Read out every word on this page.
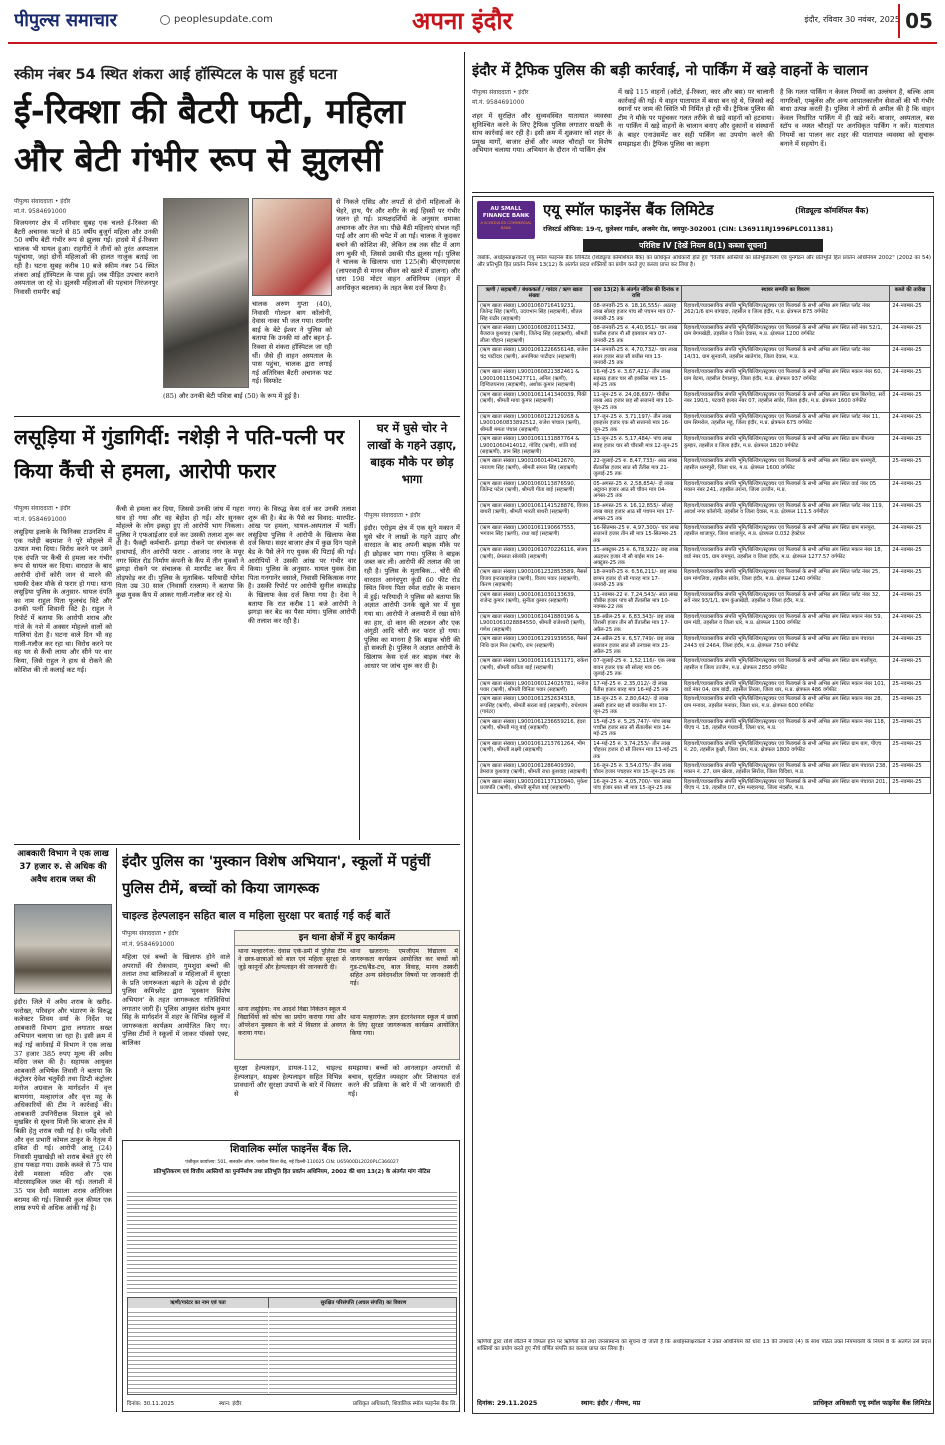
पीपुल्स समाचार	peoplesupdate.com	अपना इंदौर	इंदौर, रविवार 30 नवंबर, 2025 05
स्कीम नंबर 54 स्थित शंकरा आई हॉस्पिटल के पास हुई घटना
ई-रिक्शा की बैटरी फटी, महिला और बेटी गंभीर रूप से झुलसीं
पीपुल्स संवाददाता • इंदौर
मो.नं. 9584691000
विजयनगर क्षेत्र में शनिवार सुबह एक चलते ई-रिक्शा की बैटरी अचानक फटने से 85 वर्षीय बुजुर्ग महिला और उनकी 50 वर्षीय बेटी गंभीर रूप से झुलस गईं। हादसे में ई-रिक्शा चालक भी घायल हुआ। राहगीरों ने तीनों को तुरंत अस्पताल पहुंचाया, जहां दोनों महिलाओं की हालत नाजुक बताई जा रही है। घटना सुबह करीब 10 बजे स्कीम नंबर 54 स्थित शंकरा आई हॉस्पिटल के पास हुई। जब पीड़ित उपचार कराने अस्पताल जा रहे थे। झुलसी महिलाओं की पहचान निरंजनपुर निवासी रामगीर बाई
(85) और उनकी बेटी पवित्रा बाई (50) के रूप में हुई है।
चालक अरुण गुप्ता (40), निवासी गोल्डन बाग कॉलोनी, देवास नाका भी जल गया। रामगीर बाई के बेटे ईश्वर ने पुलिस को बताया कि उनकी मां और बहन ई-रिक्शा से शंकरा हॉस्पिटल जा रही थीं। जैसे ही वाहन अस्पताल के पास पहुंचा, चालक द्वारा लगाई गई अतिरिक्त बैटरी अचानक फट गई। विस्फोट
से निकले एसिड और लपटों से दोनों महिलाओं के चेहरे, हाथ, पैर और शरीर के कई हिस्सों पर गंभीर जलन हो गई। प्रत्यक्षदर्शियों के अनुसार धमाका अचानक और तेज था। पीछे बैठी महिलाएं संभल नहीं पाईं और आग की चपेट में आ गईं। चालक ने कूदकर बचने की कोशिश की, लेकिन तब तक सीट में आग लग चुकी थी, जिससे उसकी पीठ झुलस गई। पुलिस ने चालक के खिलाफ धारा 125(बी) बीएनएसएस (लापरवाही से मानव जीवन को खतरे में डालना) और धारा 198 मोटर वाहन अधिनियम (वाहन में अनधिकृत बदलाव) के तहत केस दर्ज किया है।
इंदौर में ट्रैफिक पुलिस की बड़ी कार्रवाई, नो पार्किंग में खड़े वाहनों के चालान
पीपुल्स संवाददाता • इंदौर
मो.नं. 9584691000
शहर में सुरक्षित और सुव्यवस्थित यातायात व्यवस्था सुनिश्चित करने के लिए ट्रैफिक पुलिस लगातार सख्ती के साथ कार्रवाई कर रही है। इसी क्रम में शुक्रवार को शहर के प्रमुख मार्गों, बाजार क्षेत्रों और व्यस्त चौराहों पर विशेष अभियान चलाया गया। अभियान के दौरान नो पार्किंग क्षेत्र
में खड़े 115 वाहनों (ऑटो, ई-रिक्शा, कार और बस) पर चालानी कार्रवाई की गई। ये वाहन यातायात में बाधा बन रहे थे, जिससे कई स्थानों पर जाम की स्थिति भी निर्मित हो रही थी। ट्रैफिक पुलिस की टीम ने मौके पर पहुंचकर गलत तरीके से खड़े वाहनों को हटवाया। ना पार्किंग में खड़े वाहनों के चालान बनाए और दुकानों व संस्थानों के बाहर एनाउंसमेंट कर सही पार्किंग का उपयोग करने की समझाइश दी। ट्रैफिक पुलिस का कहना
है कि गलत पार्किंग न केवल नियमों का उल्लंघन है, बल्कि आम नागरिकों, एम्बुलेंस और अन्य आपातकालीन सेवाओं की भी गंभीर बाधा उत्पन्न करती है। पुलिस ने लोगों से अपील की है कि वाहन केवल निर्धारित पार्किंग में ही खड़े करें। बाजार, अस्पताल, बस स्टॉप व व्यस्त चौराहों पर अनधिकृत पार्किंग न करें। यातायात नियमों का पालन कर शहर की यातायात व्यवस्था को सुचारू बनाने में सहयोग दें।
AU SMALL FINANCE BANK
A SCHEDULED COMMERCIAL BANK
एयू स्मॉल फाइनेंस बैंक लिमिटेड	(शिड्यूल्ड कॉमर्शियल बैंक)
रजिस्टर्ड ऑफिस: 19-ए, धुलेश्वर गार्डन, अजमेर रोड, जयपुर-302001 (CIN: L36911RJ1996PLC011381)
परिशिष्ट IV [देखें नियम 8(1) कब्जा सूचना]
जबकि, अधोहस्ताक्षरकर्ता एयू स्मॉल फाइनेंस बैंक लिमिटेड (शिड्यूल्ड कॉमर्शियल बैंक) का प्राधिकृत अधिकारी होते हुए "वित्तीय आस्तियों का प्रतिभूतिकरण एवं पुनर्गठन और प्रतिभूति हित प्रवर्तन अधिनियम 2002" (2002 का 54) और प्रतिभूति हित प्रवर्तन नियम 13(12) के अंतर्गत प्रदत्त शक्तियों का प्रयोग करते हुए कब्जा प्राप्त कर लिया है।
ऋणी / सहऋणी / बंधककर्ता / गारंटर / ऋण खाता संख्या	धारा 13(2) के अंतर्गत नोटिस की दिनांक व राशि	स्थावर सम्पत्ति का विवरण	कब्जे की तारीख
(ऋण खाता संख्या) L9001060716419231, जितेन्द्र सिंह (ऋणी), उदयभान सिंह (सहऋणी), शीतल सिंह राठौर (सहऋणी)	08-जनवरी-25 रु. 18,16,555/- अठारह लाख सोलह हजार पांच सौ पचपन मात्र 07-जनवरी-25 तक	रिहायशी/व्यावसायिक संपत्ति भूमि/बिल्डिंग/स्ट्रक्चर एवं फिक्चर्स के सभी अभिन्न अंग स्थित प्लॉट नंबर 262/1/6 ग्राम बांगड़दा, तहसील व जिला इंदौर, म.प्र. क्षेत्रफल 875 वर्गफीट	24-नवम्बर-25
(ऋण खाता संख्या) L9001060820113432, बैजराज कुशवाह (ऋणी), जितेन्द्र सिंह (सहऋणी), श्रीमती लीला चौहान (सहऋणी)	08-जनवरी-25 रु. 4,40,951/- चार लाख चालीस हजार नौ सौ इक्यावन मात्र 07-जनवरी-25 तक	रिहायशी/व्यावसायिक संपत्ति भूमि/बिल्डिंग/स्ट्रक्चर एवं फिक्चर्स के सभी अभिन्न अंग स्थित सर्वे नंबर 52/1, ग्राम बेगमखेड़ी, तहसील व जिला देवास, म.प्र. क्षेत्रफल 1200 वर्गफीट	24-नवम्बर-25
(ऋण खाता संख्या) L9001061226656148, राजेश चंद्र पाटीदार (ऋणी), अनामिका पाटीदार (सहऋणी)	14-जनवरी-25 रु. 4,70,732/- चार लाख सत्तर हजार सात सौ बत्तीस मात्र 13-जनवरी-25 तक	रिहायशी/व्यावसायिक संपत्ति भूमि/बिल्डिंग/स्ट्रक्चर एवं फिक्चर्स के सभी अभिन्न अंग स्थित प्लॉट नंबर 14/31, ग्राम सुनवानी, तहसील खातेगांव, जिला देवास, म.प्र.	24-नवम्बर-25
(ऋण खाता संख्या) L9001060821382461 & L9001061150427711, अनिल (ऋणी), दिग्विजयनाथ (सहऋणी), अशोक कुमार (सहऋणी)	16-मई-25 रु. 3,67,421/- तीन लाख सड़सठ हजार चार सौ इक्कीस मात्र 15-मई-25 तक	रिहायशी/व्यावसायिक संपत्ति भूमि/बिल्डिंग/स्ट्रक्चर एवं फिक्चर्स के सभी अभिन्न अंग स्थित मकान नंबर 60, ग्राम बेटमा, तहसील देपालपुर, जिला इंदौर, म.प्र. क्षेत्रफल 937 वर्गफीट	24-नवम्बर-25
(ऋण खाता संख्या) L9001061141340039, पिंकी (ऋणी), श्रीमती माया कुमार (सहऋणी)	11-जून-25 रु. 24,08,697/- चौबीस लाख आठ हजार छह सौ सत्तानवे मात्र 10-जून-25 तक	रिहायशी/व्यावसायिक संपत्ति भूमि/बिल्डिंग/स्ट्रक्चर एवं फिक्चर्स के सभी अभिन्न अंग स्थित ग्राम बिरगोदा, सर्वे नंबर 190/1, पटवारी हल्का नंबर 07, तहसील सांवेर, जिला इंदौर, म.प्र. क्षेत्रफल 1600 वर्गफीट	24-नवम्बर-25
(ऋण खाता संख्या) L9001060122129268 & L9001060833892512, राजेश पांचाल (ऋणी), श्रीमती ममता पंचाल (सहऋणी)	17-जून-25 रु. 3,71,197/- तीन लाख इकहत्तर हजार एक सौ सत्तानवे मात्र 16-जून-25 तक	रिहायशी/व्यावसायिक संपत्ति भूमि/बिल्डिंग/स्ट्रक्चर एवं फिक्चर्स के सभी अभिन्न अंग स्थित प्लॉट नंबर 11, ग्राम सिमरोल, तहसील महू, जिला इंदौर, म.प्र. क्षेत्रफल 675 वर्गफीट	24-नवम्बर-25
(ऋण खाता संख्या) L9001061131887764 & L9001060414012, गोविंद (ऋणी), शांति बाई (सहऋणी), ज्ञान सिंह (सहऋणी)	13-जून-25 रु. 5,17,484/- पांच लाख सत्रह हजार चार सौ चौरासी मात्र 12-जून-25 तक	रिहायशी/व्यावसायिक संपत्ति भूमि/बिल्डिंग/स्ट्रक्चर एवं फिक्चर्स के सभी अभिन्न अंग स्थित ग्राम पीपल्या कुम्हार, तहसील व जिला इंदौर, म.प्र. क्षेत्रफल 1820 वर्गफीट	24-नवम्बर-25
(ऋण खाता संख्या) L9001060140412670, नारायण सिंह (ऋणी), श्रीमती सपना सिंह (सहऋणी)	22-जुलाई-25 रु. 8,47,733/- आठ लाख सैंतालीस हजार सात सौ तैंतीस मात्र 21-जुलाई-25 तक	रिहायशी/व्यावसायिक संपत्ति भूमि/बिल्डिंग/स्ट्रक्चर एवं फिक्चर्स के सभी अभिन्न अंग स्थित ग्राम धरमपुरी, तहसील धरमपुरी, जिला धार, म.प्र. क्षेत्रफल 1600 वर्गफीट	25-नवम्बर-25
(ऋण खाता संख्या) L9001060113876590, जितेन्द्र पटेल (ऋणी), श्रीमती गीता बाई (सहऋणी)	05-अगस्त-25 रु. 2,58,854/- दो लाख अट्ठावन हजार आठ सौ चौवन मात्र 04-अगस्त-25 तक	रिहायशी/व्यावसायिक संपत्ति भूमि/बिल्डिंग/स्ट्रक्चर एवं फिक्चर्स के सभी अभिन्न अंग स्थित वार्ड नंबर 05 मकान नंबर 241, तहसील तराना, जिला उज्जैन, म.प्र.	24-नवम्बर-25
(ऋण खाता संख्या) L9001061141528876, विजय बाथरी (ऋणी), श्रीमती भारती बाथरी (सहऋणी)	18-अगस्त-25 रु. 16,12,855/- सोलह लाख बारह हजार आठ सौ पचपन मात्र 17-अगस्त-25 तक	रिहायशी/व्यावसायिक संपत्ति भूमि/बिल्डिंग/स्ट्रक्चर एवं फिक्चर्स के सभी अभिन्न अंग स्थित प्लॉट नंबर 119, आदर्श नगर कॉलोनी, तहसील व जिला देवास, म.प्र. क्षेत्रफल 111.5 वर्गमीटर	24-नवम्बर-25
(ऋण खाता संख्या) L9001061190667555, भगवान सिंह (ऋणी), राधा बाई (सहऋणी)	16-सितम्बर-25 रु. 4,97,300/- चार लाख सत्तानवे हजार तीन सौ मात्र 15-सितम्बर-25 तक	रिहायशी/व्यावसायिक संपत्ति भूमि/बिल्डिंग/स्ट्रक्चर एवं फिक्चर्स के सभी अभिन्न अंग स्थित ग्राम मानपुरा, तहसील शाजापुर, जिला शाजापुर, म.प्र. क्षेत्रफल 0.032 हेक्टेयर	24-नवम्बर-25
(ऋण खाता संख्या) L9001061070226116, संजय (ऋणी), प्रेमलता सोलंकी (सहऋणी)	15-अक्टूबर-25 रु. 6,78,922/- छह लाख अठहत्तर हजार नौ सौ बाईस मात्र 14-अक्टूबर-25 तक	रिहायशी/व्यावसायिक संपत्ति भूमि/बिल्डिंग/स्ट्रक्चर एवं फिक्चर्स के सभी अभिन्न अंग स्थित मकान नंबर 18, वार्ड नंबर 05, ग्राम रामपुरा, तहसील व जिला इंदौर, म.प्र. क्षेत्रफल 1277.57 वर्गफीट	24-नवम्बर-25
(ऋण खाता संख्या) L9001061232853589, मैसर्स विजय इन्टरप्राइजेज (ऋणी), विजय पवार (सहऋणी), किरण (सहऋणी)	18-जनवरी-25 रु. 6,56,211/- छह लाख छप्पन हजार दो सौ ग्यारह मात्र 17-जनवरी-25 तक	रिहायशी/व्यावसायिक संपत्ति भूमि/बिल्डिंग/स्ट्रक्चर एवं फिक्चर्स के सभी अभिन्न अंग स्थित प्लॉट नंबर 25, ग्राम मांगलिया, तहसील सांवेर, जिला इंदौर, म.प्र. क्षेत्रफल 1240 वर्गफीट	24-नवम्बर-25
(ऋण खाता संख्या) L9001061030133639, राजेन्द्र कुमार (ऋणी), सुनीता कुमार (सहऋणी)	11-नवम्बर-22 रु. 7,24,543/- सात लाख चौबीस हजार पांच सौ तैंतालीस मात्र 10-नवम्बर-22 तक	रिहायशी/व्यावसायिक संपत्ति भूमि/बिल्डिंग/स्ट्रक्चर एवं फिक्चर्स के सभी अभिन्न अंग स्थित प्लॉट नंबर 32, सर्वे नंबर 93/1/1, ग्राम कुंआखेड़ी, तहसील व जिला इंदौर, म.प्र.	24-नवम्बर-25
(ऋण खाता संख्या) L9001061041880196 & L9001061028884550, श्रीमती राजेश्वरी (ऋणी), गणेश (सहऋणी)	18-अप्रैल-25 रु. 6,83,343/- छह लाख तिरासी हजार तीन सौ तैंतालीस मात्र 17-अप्रैल-25 तक	रिहायशी/व्यावसायिक संपत्ति भूमि/बिल्डिंग/स्ट्रक्चर एवं फिक्चर्स के सभी अभिन्न अंग स्थित मकान नंबर 59, ग्राम मंडी, तहसील व जिला धार, म.प्र. क्षेत्रफल 1300 वर्गफीट	24-नवम्बर-25
(ऋण खाता संख्या) L9001061291939556, मैसर्स निधि दाल मिल (ऋणी), राम (सहऋणी)	24-अप्रैल-25 रु. 6,57,749/- छह लाख सत्तावन हजार सात सौ उनचास मात्र 23-अप्रैल-25 तक	रिहायशी/व्यावसायिक संपत्ति भूमि/बिल्डिंग/स्ट्रक्चर एवं फिक्चर्स के सभी अभिन्न अंग स्थित ग्राम पंचायत 2443 एवं 2464, जिला इंदौर, म.प्र. क्षेत्रफल 750 वर्गफीट	24-नवम्बर-25
(ऋण खाता संख्या) L9001061161151171, राकेश (ऋणी), श्रीमती कविता बाई (सहऋणी)	07-जुलाई-25 रु. 1,52,116/- एक लाख बावन हजार एक सौ सोलह मात्र 06-जुलाई-25 तक	रिहायशी/व्यावसायिक संपत्ति भूमि/बिल्डिंग/स्ट्रक्चर एवं फिक्चर्स के सभी अभिन्न अंग स्थित ग्राम मालीपुरा, तहसील व जिला उज्जैन, म.प्र. क्षेत्रफल 2850 वर्गफीट	24-नवम्बर-25
(ऋण खाता संख्या) L9001060124025781, मनोज पवार (ऋणी), श्रीमती विनिता पवार (सहऋणी)	17-मई-25 रु. 2,35,012/- दो लाख पैंतीस हजार बारह मात्र 16-मई-25 तक	रिहायशी/व्यावसायिक संपत्ति भूमि/बिल्डिंग/स्ट्रक्चर एवं फिक्चर्स के सभी अभिन्न अंग स्थित मकान नंबर 101, वार्ड नंबर 04, ग्राम बांद्री, तहसील तिरला, जिला धार, म.प्र. क्षेत्रफल 486 वर्गफीट	25-नवम्बर-25
(ऋण खाता संख्या) L9001061252634318, रूपसिंह (ऋणी), श्रीमती सरला बाई (सहऋणी), राधेश्याम (गारंटर)	18-जून-25 रु. 2,80,642/- दो लाख अस्सी हजार छह सौ बयालीस मात्र 17-जून-25 तक	रिहायशी/व्यावसायिक संपत्ति भूमि/बिल्डिंग/स्ट्रक्चर एवं फिक्चर्स के सभी अभिन्न अंग स्थित मकान नंबर 28, ग्राम मनावर, तहसील मनावर, जिला धार, म.प्र. क्षेत्रफल 600 वर्गफीट	25-नवम्बर-25
(ऋण खाता संख्या) L9001061236659216, इंदरा (ऋणी), श्रीमती मंजू बाई (सहऋणी)	15-मई-25 रु. 5,25,747/- पांच लाख पच्चीस हजार सात सौ सैंतालीस मात्र 14-मई-25 तक	रिहायशी/व्यावसायिक संपत्ति भूमि/बिल्डिंग/स्ट्रक्चर एवं फिक्चर्स के सभी अभिन्न अंग स्थित मकान नंबर 118, पीएच नं. 18, तहसील गंधवानी, जिला धार, म.प्र.	25-नवम्बर-25
(ऋण खाता संख्या) L9001061213761264, भीम (ऋणी), श्रीमती लक्ष्मी (सहऋणी)	14-मई-25 रु. 3,74,253/- तीन लाख चौहत्तर हजार दो सौ तिरपन मात्र 13-मई-25 तक	रिहायशी/व्यावसायिक संपत्ति भूमि/बिल्डिंग/स्ट्रक्चर एवं फिक्चर्स के सभी अभिन्न अंग स्थित ग्राम बाग, पीएच नं. 20, तहसील कुक्षी, जिला धार, म.प्र. क्षेत्रफल 1800 वर्गफीट	25-नवम्बर-25
(ऋण खाता संख्या) L9001061286409390, डेमराज कुशवाह (ऋणी), श्रीमती राधा कुशवाह (सहऋणी)	16-जून-25 रु. 3,54,075/- तीन लाख चौवन हजार पचहत्तर मात्र 15-जून-25 तक	रिहायशी/व्यावसायिक संपत्ति भूमि/बिल्डिंग/स्ट्रक्चर एवं फिक्चर्स के सभी अभिन्न अंग स्थित ग्राम पंचायत 238, मकान नं. 27, ग्राम खेरवा, तहसील सिरोंज, जिला विदिशा, म.प्र.	25-नवम्बर-25
(ऋण खाता संख्या) L9001061137130940, मुकेश प्रजापति (ऋणी), श्रीमती सुनीता बाई (सहऋणी)	16-जून-25 रु. 4,05,700/- चार लाख पांच हजार सात सौ मात्र 15-जून-25 तक	रिहायशी/व्यावसायिक संपत्ति भूमि/बिल्डिंग/स्ट्रक्चर एवं फिक्चर्स के सभी अभिन्न अंग स्थित ग्राम पंचायत 201, पीएच नं. 19, तहसील 07, ग्राम मल्हारगढ़, जिला मंदसौर, म.प्र.	25-नवम्बर-25
ऋणियों द्वारा राशि लौटाने में विफल होने पर ऋणियों को तथा जनसामान्य को सूचना दी जाती है कि अधोहस्ताक्षरकर्ता ने उक्त अधिनियम की धारा 13 की उपधारा (4) के साथ पठित उक्त नियमावली के नियम 8 के अंतर्गत उसे प्रदत्त शक्तियों का प्रयोग करते हुए नीचे वर्णित संपत्ति का कब्जा प्राप्त कर लिया है।
दिनांक: 29.11.2025	स्थान: इंदौर / नीमच, मप्र	प्राधिकृत अधिकारी एयू स्मॉल फाइनेंस बैंक लिमिटेड
लसूड़िया में गुंडागिर्दी: नशेड़ी ने पति-पत्नी पर किया कैंची से हमला, आरोपी फरार
पीपुल्स संवाददाता • इंदौर
मो.नं. 9584691000
लसूड़िया इलाके के फिनिक्स टाउनशिप में एक नशेड़ी बदमाश ने पूरे मोहल्ले में उत्पात मचा दिया। विरोध करने पर उसने एक दंपति पर कैंची से हमला कर गंभीर रूप से घायल कर दिया। वारदात के बाद आरोपी दोनों कोरी जान से मारने की धमकी देकर मौके से फरार हो गया। थाना लसूड़िया पुलिस के अनुसार- घायल दंपति का नाम राहुल पिता फूलचंद विटे और उनकी पत्नी शिवानी विटे है। राहुल ने रिपोर्ट में बताया कि आरोपी शराब और गांजे के नशे में अक्सर मोहल्ले वालों को गालियां देता है। घटना वाले दिन भी वह गाली-गलौज कर रहा था। विरोध करने पर वह घर से कैंची लाया और सीने पर वार किया, जिसे राहुल ने हाथ से रोकने की कोशिश की तो कलाई कट गई।
कैंची से हमला कर दिया, जिससे उनकी जांघ में गहरा घाव हो गया और वह बेहोश हो गईं। शोर सुनकर मोहल्ले के लोग इकट्ठा हुए तो आरोपी भाग निकला। पुलिस ने एफआईआर दर्ज कर उसकी तलाश शुरू कर दी है। फैक्ट्री कर्मचारी- झगड़ा रोकने पर संचालक से हाथापाई, तीन आरोपी फरार - आजाद नगर के मयूर नगर स्थित रोड निर्माण कंपनी के कैंप में तीन युवकों ने झगड़ा रोकने पर संचालक से मारपीट कर कैंप में तोड़फोड़ कर दी। पुलिस के मुताबिक- फरियादी योगेश पिता उम्र 30 साल (निवासी रतलाम) ने बताया कि कुछ युवक कैंप में आकर गाली-गलौज कर रहे थे।
नगर) के विरुद्ध केस दर्ज कर उनकी तलाश शुरू की है। बेड के पैसे का विवाद: मारपीट- आंख पर हमला, घायल-अस्पताल में भर्ती। लसूड़िया पुलिस ने आरोपी के खिलाफ केस दर्ज किया। सदर बाजार क्षेत्र में कुछ दिन पहले बेड के पैसे लेने गए युवक की पिटाई की गई। आरोपियों ने उसकी आंख पर गंभीर वार किया। पुलिस के अनुसार- घायल युवक देवा पिता गनगानेर वसाले, निवासी चिकित्सक नगर है। उसकी रिपोर्ट पर आरोपी सुनील वाकड़ोड़ के खिलाफ केस दर्ज किया गया है। देवा ने बताया कि रात करीब 11 बजे आरोपी ने झगड़ा कर बेड का पैसा मांगा। पुलिस आरोपी की तलाश कर रही है।
घर में घुसे चोर ने लाखों के गहने उड़ाए, बाइक मौके पर छोड़ भागा
पीपुल्स संवाददाता • इंदौर
इंदौर। एरोड्रम क्षेत्र में एक सूने मकान में घुसे चोर ने लाखों के गहने उड़ाए और वारदात के बाद अपनी बाइक मौके पर ही छोड़कर भाग गया। पुलिस ने बाइक जब्त कर ली। आरोपी की तलाश की जा रही है। पुलिस के मुताबिक... चोरी की वारदात आनंदपुरा कुंडी 60 फीट रोड स्थित विनय पिता रमेश राठौर के मकान में हुई। फरियादी ने पुलिस को बताया कि अज्ञात आरोपी उनके खुले घर में घुस गया था। आरोपी ने अलमारी में रखा सोने का हार, दो कान की लटकन और एक अंगूठी आदि चोरी कर फरार हो गया। पुलिस का मानना है कि बाइक चोरी की हो सकती है। पुलिस ने अज्ञात आरोपी के खिलाफ केस दर्ज कर बाइक नंबर के आधार पर जांच शुरू कर दी है।
आबकारी विभाग ने एक लाख 37 हजार रु. से अधिक की अवैध शराब जब्त की
इंदौर। जिले में अवैध शराब के खरीद-फरोख्त, परिवहन और भंडारण के विरुद्ध कलेक्टर शिवम वर्मा के निर्देश पर आबकारी विभाग द्वारा लगातार सख्त अभियान चलाया जा रहा है। इसी क्रम में कई गई कार्रवाई में विभाग ने एक लाख 37 हजार 385 रुपए मूल्य की अवैध मदिरा जब्त की है। सहायक आयुक्त आबकारी अभिषेक तिवारी ने बताया कि कंट्रोलर देवेश चतुर्वेदी तथा डिप्टी कंट्रोलर मनोज अग्रवाल के मार्गदर्शन में वृत्त बाणगंगा, मल्हारगंज और वृत्त महू के अधिकारियों की टीम ने कार्रवाई की। आबकारी उपनिरीक्षक विशाल दुबे को मुखबिर से सूचना मिली कि बाजार क्षेत्र में बिक्री हेतु शराब रखी गई है। धर्मेंद्र जोशी और वृत्त प्रभारी कोमल ठाकुर के नेतृत्व में दबिश दी गई। आरोपी आलू (24) निवासी मुखाखेड़ी को शराब बेचते हुए रंगे हाथ पकड़ा गया। उसके कब्जे से 75 पाव देसी मसाला मदिरा और एक मोटरसाइकिल जब्त की गई। तलाशी में 35 पाव देसी मसाला शराब अतिरिक्त बरामद की गई। जिसकी कुल कीमत एक लाख रुपये से अधिक आंकी गई है।
इंदौर पुलिस का 'मुस्कान विशेष अभियान', स्कूलों में पहुंचीं पुलिस टीमें, बच्चों को किया जागरूक
चाइल्ड हेल्पलाइन सहित बाल व महिला सुरक्षा पर बताई गई कई बातें
पीपुल्स संवाददाता • इंदौर
मो.नं. 9584691000
महिला एवं बच्चों के खिलाफ होने वाले अपराधों की रोकथाम, गुमशुदा बच्चों की तलाश तथा बालिकाओं व महिलाओं में सुरक्षा के प्रति जागरूकता बढ़ाने के उद्देश्य से इंदौर पुलिस कमिश्नरेट द्वारा 'मुस्कान विशेष अभियान' के तहत जागरूकता गतिविधियां लगातार जारी हैं। पुलिस आयुक्त संतोष कुमार सिंह के मार्गदर्शन में शहर के विभिन्न स्कूलों में जागरूकता कार्यक्रम आयोजित किए गए। पुलिस टीमों ने स्कूलों में जाकर पॉक्सो एक्ट, बालिका
इन थाना क्षेत्रों में हुए कार्यक्रम
थाना मल्हारगंज: देवास एके-डमी में पुलिस टीम ने छात्र-छात्राओं को बाल एवं महिला सुरक्षा से जुड़े कानूनों और हेल्पलाइन की जानकारी दी।
थाना लसूड़िया: नव आदर्श विद्या निकेतन स्कूल में विद्यार्थियों को कोच का प्रयोग कराया गया और ऑपरेशन मुस्कान के बारे में विस्तार से अवगत कराया गया।
थाना खजराना: एमजीएम विद्यालय में जागरूकता कार्यक्रम आयोजित कर बच्चों को गुड-टच/बैड-टच, बाल विवाह, मानव तस्करी सहित अन्य संवेदनशील विषयों पर जानकारी दी गई।
थाना मल्हारगंज: ज्ञान इंटरनेशनल स्कूल में छात्रों के लिए सुरक्षा जागरूकता कार्यक्रम आयोजित किया गया।
सुरक्षा हेल्पलाइन, डायल-112, चाइल्ड हेल्पलाइन, साइबर हेल्पलाइन सहित विभिन्न प्रावधानों और सुरक्षा उपायों के बारे में विस्तार से
समझाया। बच्चों को आनलाइन अपराधों से बचाव, सुरक्षित व्यवहार और शिकायत दर्ज करने की प्रक्रिया के बारे में भी जानकारी दी गई।
शिवालिक स्मॉल फाइनेंस बैंक लि.
पंजीकृत कार्यालय: 501, सलकॉन ऑरम, जसोला जिला केंद्र, नई दिल्ली-110025 CIN: U65900DL2020PLC366027
प्रतिभूतिकरण एवं वित्तीय आस्तियों का पुनर्निर्माण तथा प्रतिभूति हित प्रवर्तन अधिनियम, 2002 की धारा 13(2) के अंतर्गत मांग नोटिस
ऋणी/गारंटर का नाम एवं पता	सुरक्षित परिसंपत्ति (अचल संपत्ति) का विवरण
दिनांक: 30.11.2025	स्थान: इंदौर	प्राधिकृत अधिकारी, शिवालिक स्मॉल फाइनेंस बैंक लि.
